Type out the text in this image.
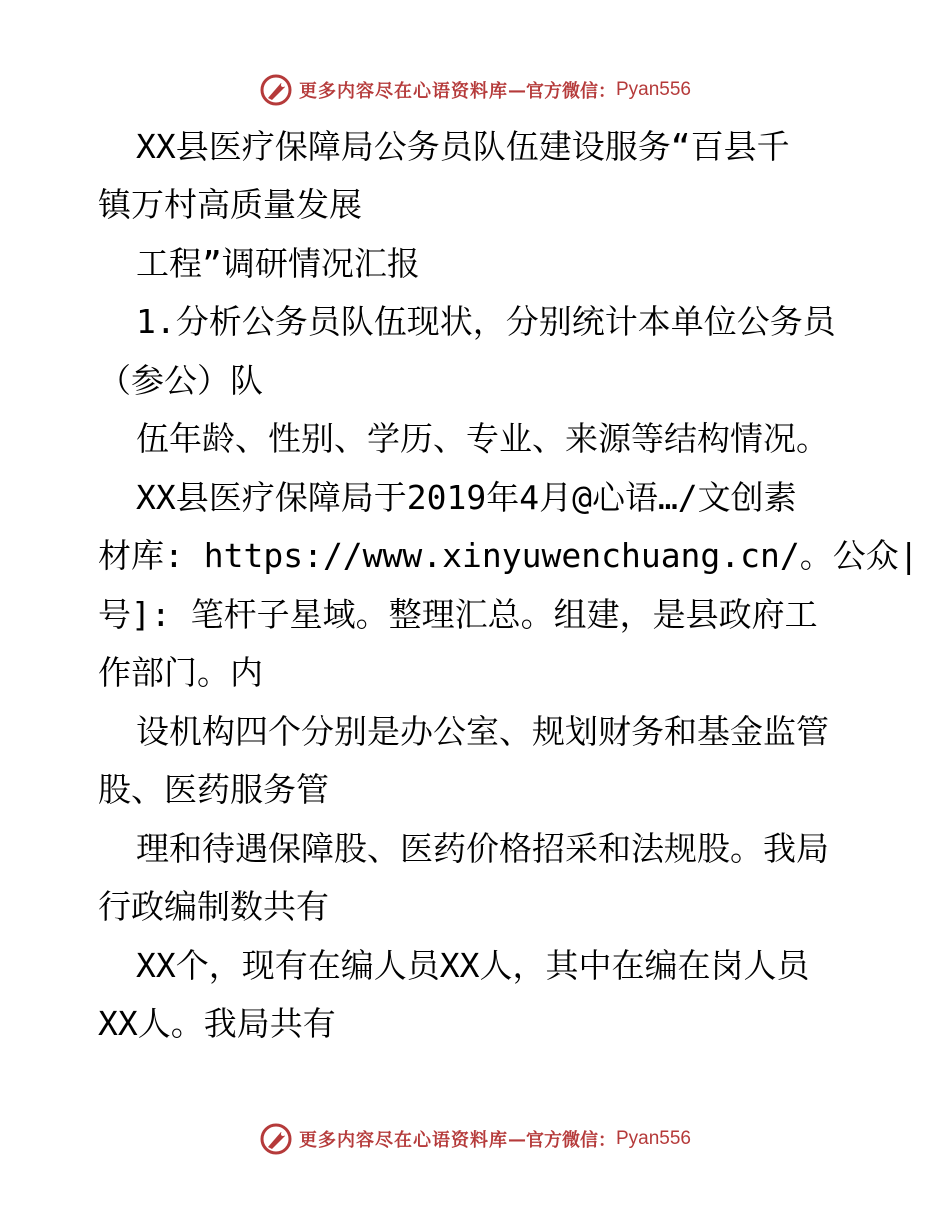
更多内容尽在心语资料库 — 官方微信： Pyan556
XX县医疗保障局公务员队伍建设服务“百县千
镇万村高质量发展
工程”调研情况汇报
1.分析公务员队伍现状，分别统计本单位公务员
（参公）队
伍年龄、性别、学历、专业、来源等结构情况。
XX县医疗保障局于2019年4月@心语…/文创素
材库: https://www.xinyuwenchuang.cn/。公众|
号]: 笔杆子星域。整理汇总。组建，是县政府工
作部门。内
设机构四个分别是办公室、规划财务和基金监管
股、医药服务管
理和待遇保障股、医药价格招采和法规股。我局
行政编制数共有
XX个，现有在编人员XX人，其中在编在岗人员
XX人。我局共有
更多内容尽在心语资料库 — 官方微信： Pyan556
